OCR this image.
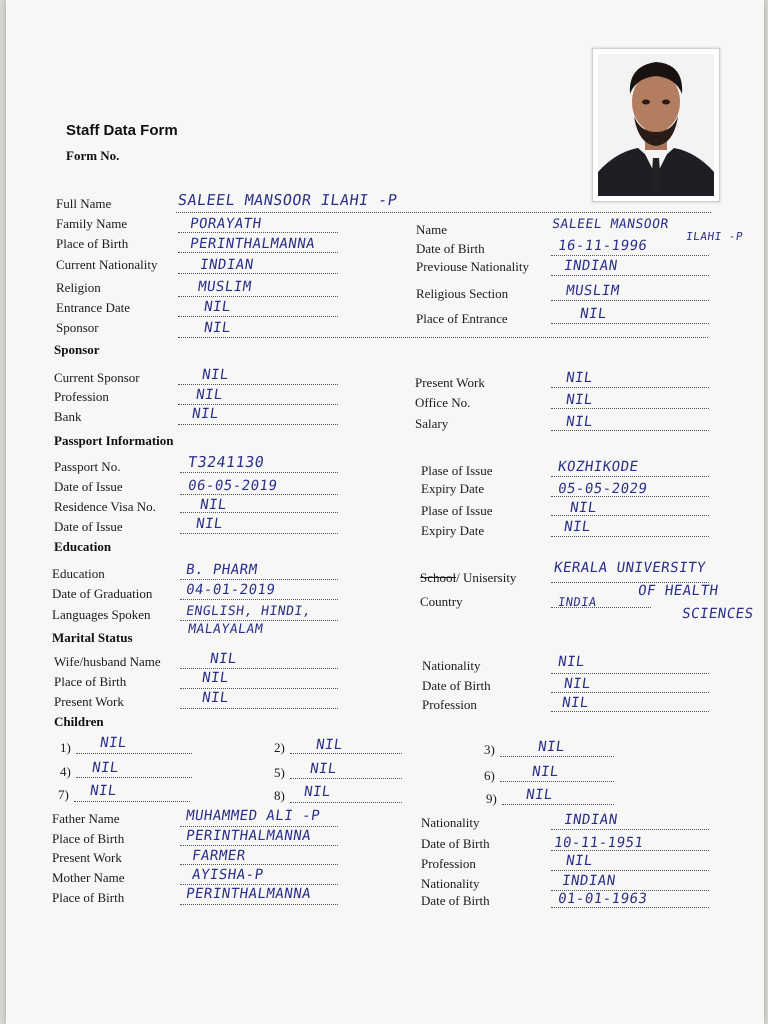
Staff Data Form
Form No.
Full Name	SALEEL MANSOOR ILAHI -P
Family Name	PORAYATH
Place of Birth	PERINTHALMANNA
Current Nationality	INDIAN
Religion	MUSLIM
Entrance Date	NIL
Sponsor	NIL
Name	SALEEL MANSOOR
ILAHI -P
Date of Birth	16-11-1996
Previouse Nationality INDIAN
Religious Section	MUSLIM
Place of Entrance	NIL
Sponsor
Current Sponsor	NIL
Profession	NIL
Bank	NIL
Present Work	NIL
Office No.	NIL
Salary	NIL
Passport Information
Passport No.	T3241130
Date of Issue	06-05-2019
Residence Visa No.	NIL
Date of Issue	NIL
Plase of Issue	KOZHIKODE
Expiry Date	05-05-2029
Plase of Issue	NIL
Expiry Date	NIL
Education
Education	B. PHARM
Date of Graduation 04-01-2019
Languages Spoken	ENGLISH, HINDI,
MALAYALAM
School/ Unisersity
KERALA UNIVERSITY
OF HEALTH
SCIENCES
Country	INDIA
Marital Status
Wife/husband Name	NIL
Place of Birth	NIL
Present Work	NIL
Nationality	NIL
Date of Birth	NIL
Profession	NIL
Children
1) NIL	2) NIL	3)	NIL
4) NIL	5) NIL	6)	NIL
7) NIL	8) NIL	9) NIL
Father Name	MUHAMMED ALI -P
Place of Birth	PERINTHALMANNA
Present Work	FARMER
Mother Name	AYISHA-P
Place of Birth	PERINTHALMANNA
Nationality	INDIAN
Date of Birth	10-11-1951
Profession	NIL
Nationality	INDIAN
Date of Birth	01-01-1963
